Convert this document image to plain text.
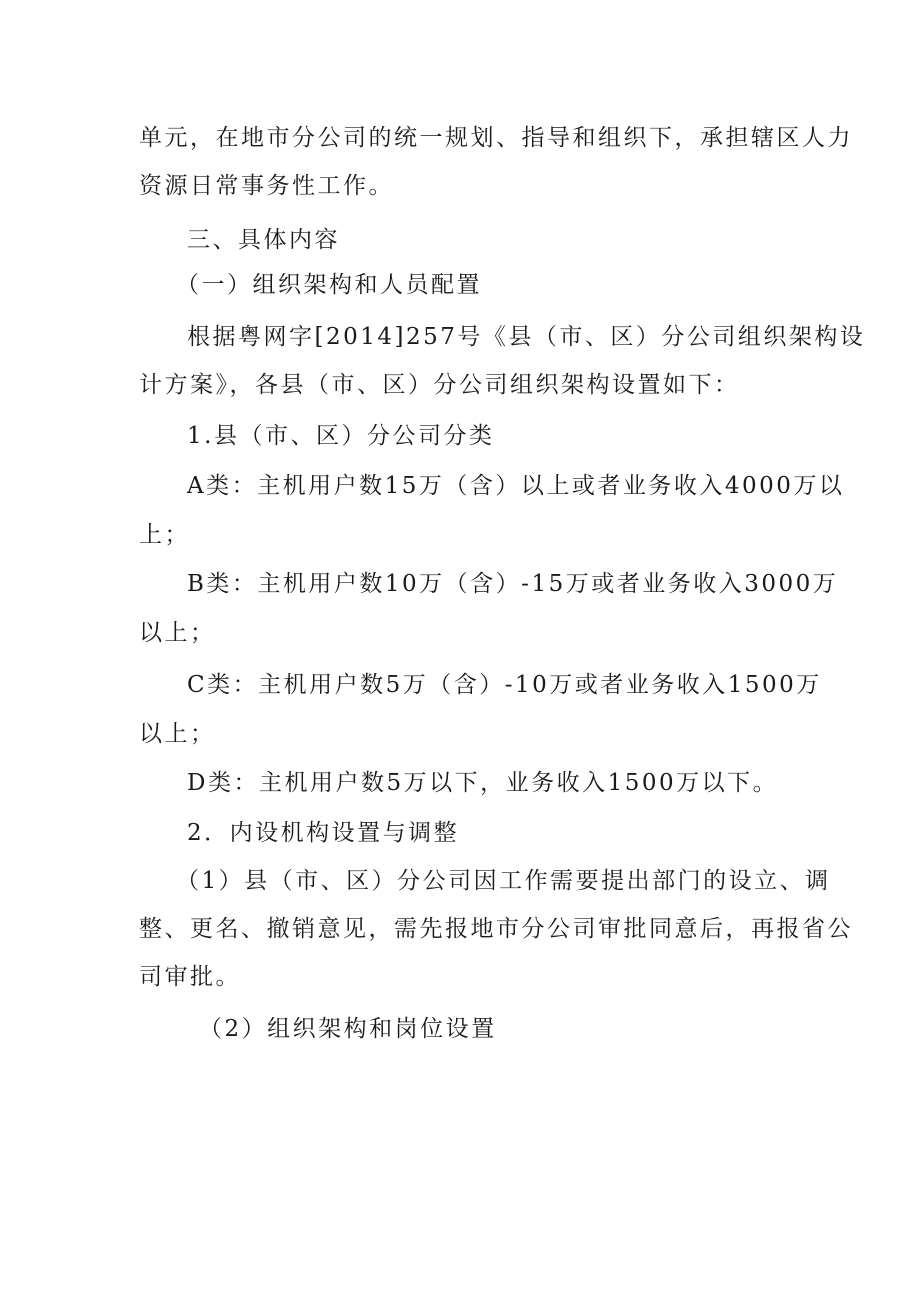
单元，在地市分公司的统一规划、指导和组织下，承担辖区人力
资源日常事务性工作。
三、具体内容
（一）组织架构和人员配置
根据粤网字[2014]257号《县（市、区）分公司组织架构设
计方案》，各县（市、区）分公司组织架构设置如下：
1.县（市、区）分公司分类
A类：主机用户数15万（含）以上或者业务收入4000万以
上；
B类：主机用户数10万（含）-15万或者业务收入3000万
以上；
C类：主机用户数5万（含）-10万或者业务收入1500万
以上；
D类：主机用户数5万以下，业务收入1500万以下。
2．内设机构设置与调整
（1）县（市、区）分公司因工作需要提出部门的设立、调
整、更名、撤销意见，需先报地市分公司审批同意后，再报省公
司审批。
（2）组织架构和岗位设置
